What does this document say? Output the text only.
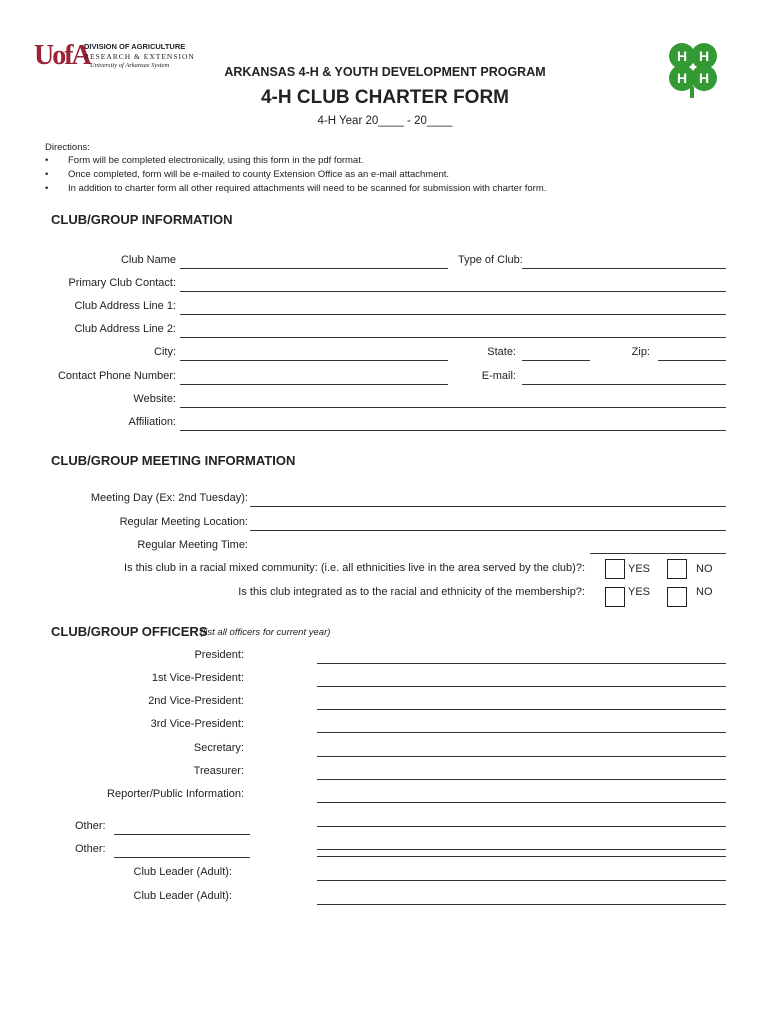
UofA
DIVISION OF AGRICULTURE
RESEARCH & EXTENSION
University of Arkansas System	ARKANSAS 4-H & YOUTH DEVELOPMENT PROGRAM
4-H CLUB CHARTER FORM
4-H Year 20____ - 20____
H H
H H
Directions:
• Form will be completed electronically, using this form in the pdf format.
• Once completed, form will be e-mailed to county Extension Office as an e-mail attachment.
• In addition to charter form all other required attachments will need to be scanned for submission with charter form.
CLUB/GROUP INFORMATION
Club Name	Type of Club:
Primary Club Contact:
Club Address Line 1:
Club Address Line 2:
City:	State:	Zip:
Contact Phone Number:	E-mail:
Website:
Affiliation:
CLUB/GROUP MEETING INFORMATION
Meeting Day (Ex: 2nd Tuesday):
Regular Meeting Location:
Regular Meeting Time:
Is this club in a racial mixed community: (i.e. all ethnicities live in the area served by the club)?:	YES	NO
Is this club integrated as to the racial and ethnicity of the membership?:	YES	NO
CLUB/GROUP OFFICERS
(list all officers for current year)
President:
1st Vice-President:
2nd Vice-President:
3rd Vice-President:
Secretary:
Treasurer:
Reporter/Public Information:
Other:
Other:
Club Leader (Adult):
Club Leader (Adult):
